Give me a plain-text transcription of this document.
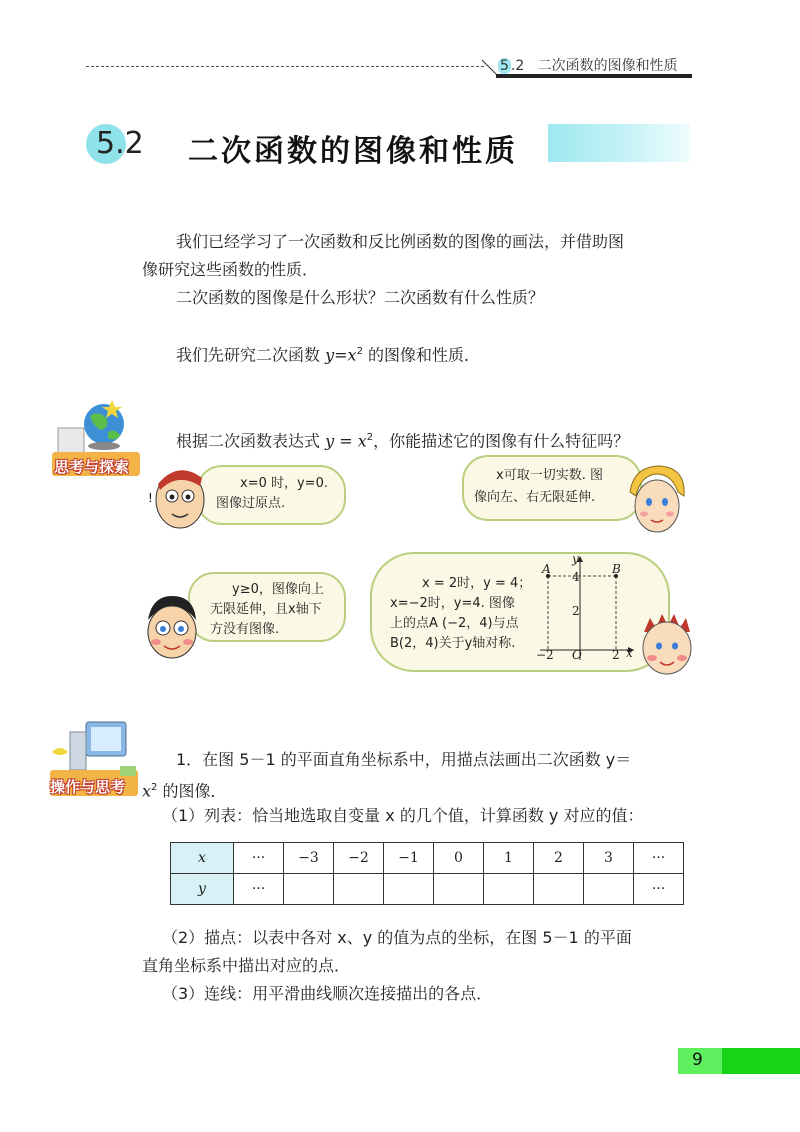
5 .2 二次函数的图像和性质
5.2 二次函数的图像和性质
我们已经学习了一次函数和反比例函数的图像的画法，并借助图
像研究这些函数的性质．
二次函数的图像是什么形状？二次函数有什么性质？
我们先研究二次函数 $y=x^2$ 的图像和性质．
思考与探索
根据二次函数表达式 $y = x^2$，你能描述它的图像有什么特征吗？
x=0 时，y=0.
图像过原点.
!
x可取一切实数. 图
像向左、右无限延伸.
y≥0，图像向上
无限延伸，且x轴下
方没有图像.
x = 2时，y = 4；
x=−2时，y=4. 图像
上的点A (−2，4)与点
B(2，4)关于y轴对称.
y
x
A	B
4
2
−2 O	2
操作与思考
1．在图 5－1 的平面直角坐标系中，用描点法画出二次函数 y＝
$x^2$ 的图像．
（1）列表：恰当地选取自变量 x 的几个值，计算函数 y 对应的值：
x	···	−3	−2	−1	0	1	2	3	···
y	···								···
（2）描点：以表中各对 x、y 的值为点的坐标，在图 5－1 的平面
直角坐标系中描出对应的点．
（3）连线：用平滑曲线顺次连接描出的各点．
9
